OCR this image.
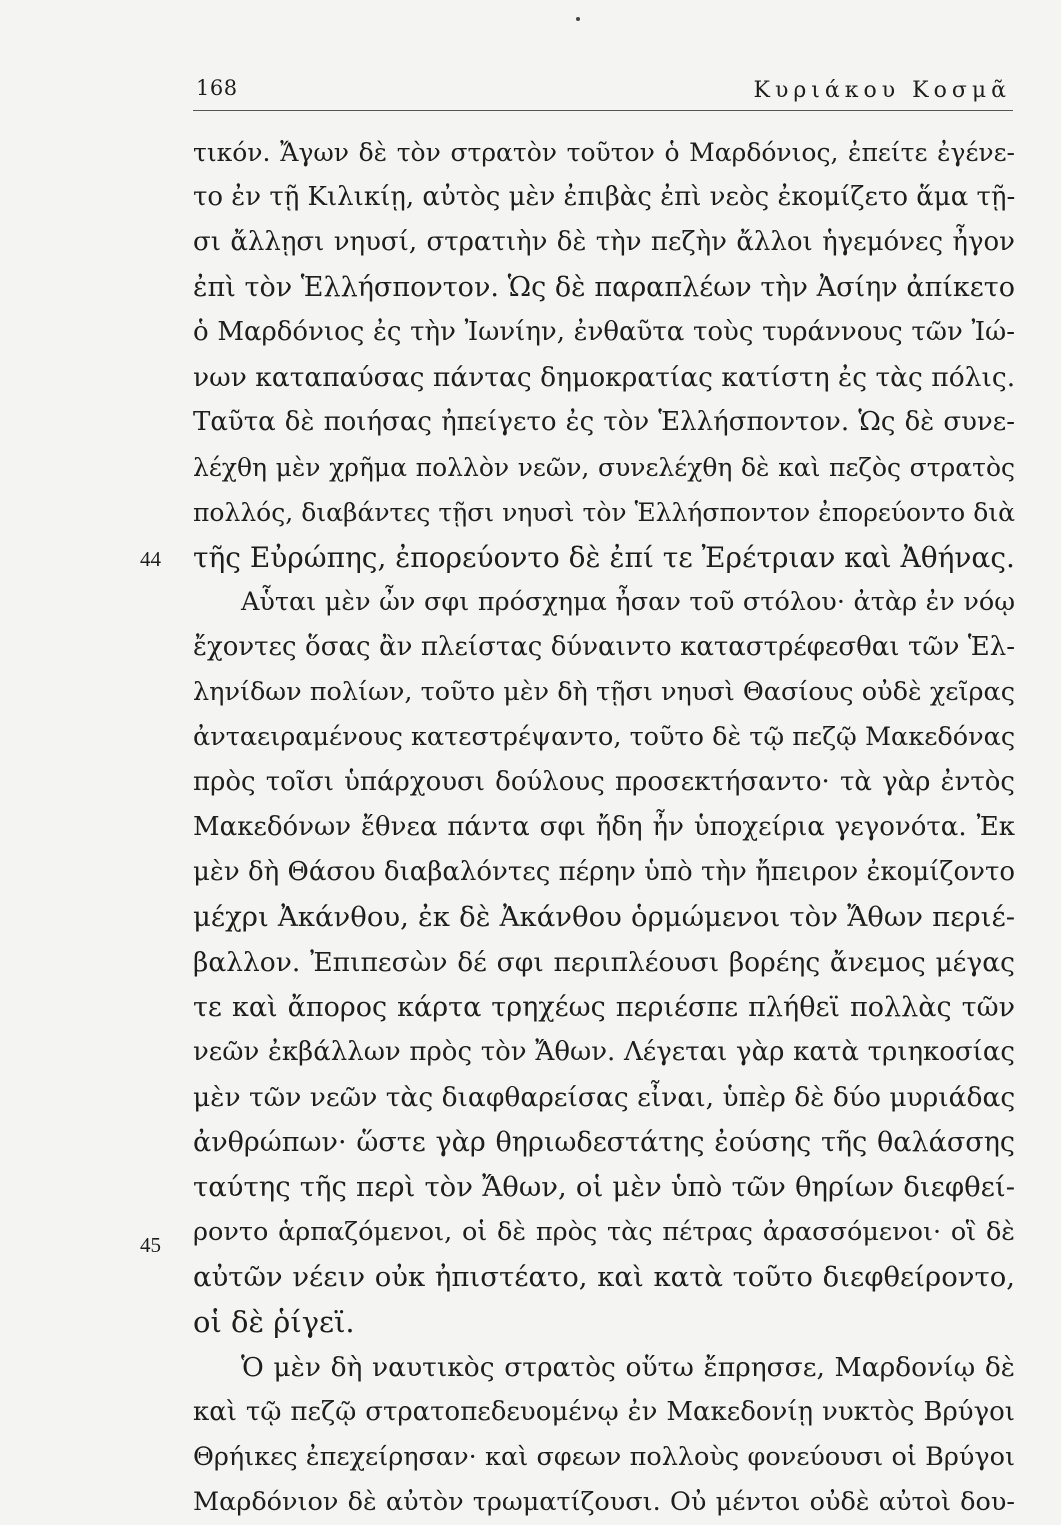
168	Κυριάκου Κοσμᾶ
44
45
τικόν. Ἄγων δὲ τὸν στρατὸν τοῦτον ὁ Μαρδόνιος, ἐπείτε ἐγένε-
το ἐν τῇ Κιλικίῃ, αὐτὸς μὲν ἐπιβὰς ἐπὶ νεὸς ἐκομίζετο ἅμα τῇ-
σι ἄλλῃσι νηυσί, στρατιὴν δὲ τὴν πεζὴν ἄλλοι ἡγεμόνες ἦγον
ἐπὶ τὸν Ἑλλήσποντον. Ὡς δὲ παραπλέων τὴν Ἀσίην ἀπίκετο
ὁ Μαρδόνιος ἐς τὴν Ἰωνίην, ἐνθαῦτα τοὺς τυράννους τῶν Ἰώ-
νων καταπαύσας πάντας δημοκρατίας κατίστη ἐς τὰς πόλις.
Ταῦτα δὲ ποιήσας ἠπείγετο ἐς τὸν Ἑλλήσποντον. Ὡς δὲ συνε-
λέχθη μὲν χρῆμα πολλὸν νεῶν, συνελέχθη δὲ καὶ πεζὸς στρατὸς
πολλός, διαβάντες τῇσι νηυσὶ τὸν Ἑλλήσποντον ἐπορεύοντο διὰ
τῆς Εὐρώπης, ἐπορεύοντο δὲ ἐπί τε Ἐρέτριαν καὶ Ἀθήνας.
Αὗται μὲν ὦν σφι πρόσχημα ἦσαν τοῦ στόλου· ἀτὰρ ἐν νόῳ
ἔχοντες ὅσας ἂν πλείστας δύναιντο καταστρέφεσθαι τῶν Ἑλ-
ληνίδων πολίων, τοῦτο μὲν δὴ τῇσι νηυσὶ Θασίους οὐδὲ χεῖρας
ἀνταειραμένους κατεστρέψαντο, τοῦτο δὲ τῷ πεζῷ Μακεδόνας
πρὸς τοῖσι ὑπάρχουσι δούλους προσεκτήσαντο· τὰ γὰρ ἐντὸς
Μακεδόνων ἔθνεα πάντα σφι ἤδη ἦν ὑποχείρια γεγονότα. Ἐκ
μὲν δὴ Θάσου διαβαλόντες πέρην ὑπὸ τὴν ἤπειρον ἐκομίζοντο
μέχρι Ἀκάνθου, ἐκ δὲ Ἀκάνθου ὁρμώμενοι τὸν Ἄθων περιέ-
βαλλον. Ἐπιπεσὼν δέ σφι περιπλέουσι βορέης ἄνεμος μέγας
τε καὶ ἄπορος κάρτα τρηχέως περιέσπε πλήθεϊ πολλὰς τῶν
νεῶν ἐκβάλλων πρὸς τὸν Ἄθων. Λέγεται γὰρ κατὰ τριηκοσίας
μὲν τῶν νεῶν τὰς διαφθαρείσας εἶναι, ὑπὲρ δὲ δύο μυριάδας
ἀνθρώπων· ὥστε γὰρ θηριωδεστάτης ἐούσης τῆς θαλάσσης
ταύτης τῆς περὶ τὸν Ἄθων, οἱ μὲν ὑπὸ τῶν θηρίων διεφθεί-
ροντο ἁρπαζόμενοι, οἱ δὲ πρὸς τὰς πέτρας ἀρασσόμενοι· οἳ δὲ
αὐτῶν νέειν οὐκ ἠπιστέατο, καὶ κατὰ τοῦτο διεφθείροντο,
οἱ δὲ ῥίγεϊ.
Ὁ μὲν δὴ ναυτικὸς στρατὸς οὕτω ἔπρησσε, Μαρδονίῳ δὲ
καὶ τῷ πεζῷ στρατοπεδευομένῳ ἐν Μακεδονίῃ νυκτὸς Βρύγοι
Θρήικες ἐπεχείρησαν· καὶ σφεων πολλοὺς φονεύουσι οἱ Βρύγοι
Μαρδόνιον δὲ αὐτὸν τρωματίζουσι. Οὐ μέντοι οὐδὲ αὐτοὶ δου-
